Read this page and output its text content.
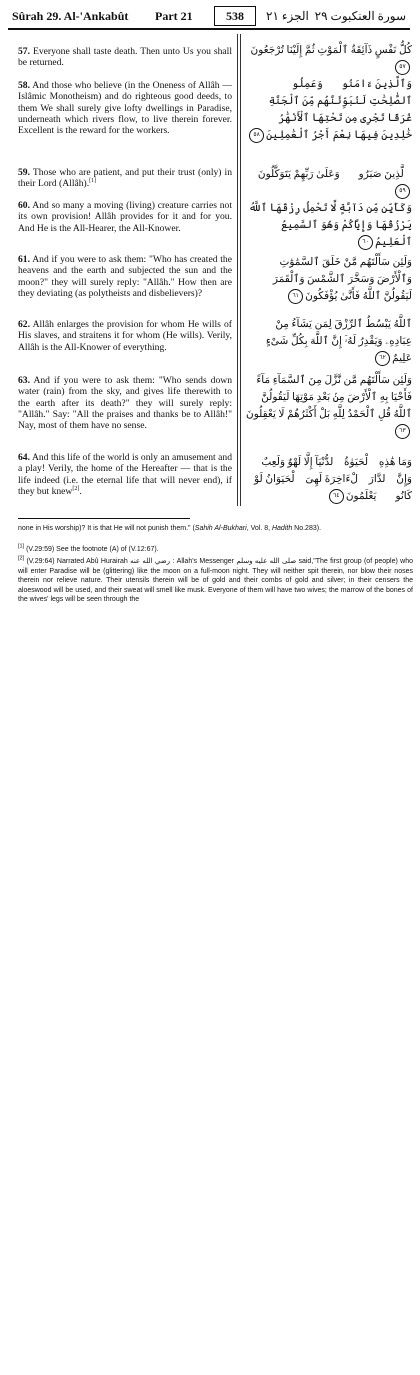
Sûrah 29. Al-'Ankabût Part 21	538	الجزء ٢١ سورة العنكبوت ٢٩
57. Everyone shall taste death. Then unto Us you shall be returned.
58. And those who believe (in the Oneness of Allâh — Islâmic Monotheism) and do righteous good deeds, to them We shall surely give lofty dwellings in Paradise, underneath which rivers flow, to live therein forever. Excellent is the reward for the workers.
59. Those who are patient, and put their trust (only) in their Lord (Allâh).[1]
60. And so many a moving (living) creature carries not its own provision! Allâh provides for it and for you. And He is the All-Hearer, the All-Knower.
61. And if you were to ask them: "Who has created the heavens and the earth and subjected the sun and the moon?" they will surely reply: "Allâh." How then are they deviating (as polytheists and disbelievers)?
62. Allâh enlarges the provision for whom He wills of His slaves, and straitens it for whom (He wills). Verily, Allâh is the All-Knower of everything.
63. And if you were to ask them: "Who sends down water (rain) from the sky, and gives life therewith to the earth after its death?" they will surely reply: "Allâh." Say: "All the praises and thanks be to Allâh!" Nay, most of them have no sense.
64. And this life of the world is only an amusement and a play! Verily, the home of the Hereafter — that is the life indeed (i.e. the eternal life that will never end), if they but knew[2].
كُلُّ نَفْسٍ ذَآئِقَةُ ٱلْمَوْتِ ثُمَّ إِلَيْنَا تُرْجَعُونَ٥٧
وَٱلَّذِينَ ءَامَنُوا۟ وَعَمِلُوا۟ ٱلصَّٰلِحَٰتِ لَنُبَوِّئَنَّهُم مِّنَ ٱلْجَنَّةِ غُرَفًا تَجْرِى مِن تَحْتِهَا ٱلْأَنْهَٰرُ خَٰلِدِينَ فِيهَا نِعْمَ أَجْرُ ٱلْعَٰمِلِينَ٥٨
ٱلَّذِينَ صَبَرُوا۟ وَعَلَىٰ رَبِّهِمْ يَتَوَكَّلُونَ٥٩
وَكَأَيِّن مِّن دَآبَّةٍ لَّا تَحْمِلُ رِزْقَهَا ٱللَّهُ يَرْزُقُهَا وَإِيَّاكُمْ وَهُوَ ٱلسَّمِيعُ ٱلْعَلِيمُ٦٠
وَلَئِن سَأَلْتَهُم مَّنْ خَلَقَ ٱلسَّمَٰوَٰتِ وَٱلْأَرْضَ وَسَخَّرَ ٱلشَّمْسَ وَٱلْقَمَرَ لَيَقُولُنَّ ٱللَّهُ فَأَنَّىٰ يُؤْفَكُونَ٦١
ٱللَّهُ يَبْسُطُ ٱلرِّزْقَ لِمَن يَشَآءُ مِنْ عِبَادِهِۦ وَيَقْدِرُ لَهُۥٓ إِنَّ ٱللَّهَ بِكُلِّ شَىْءٍ عَلِيمٌ٦٢
وَلَئِن سَأَلْتَهُم مَّن نَّزَّلَ مِنَ ٱلسَّمَآءِ مَآءً فَأَحْيَا بِهِ ٱلْأَرْضَ مِنۢ بَعْدِ مَوْتِهَا لَيَقُولُنَّ ٱللَّهُ قُلِ ٱلْحَمْدُ لِلَّهِ بَلْ أَكْثَرُهُمْ لَا يَعْقِلُونَ٦٣
وَمَا هَٰذِهِ ٱلْحَيَوٰةُ ٱلدُّنْيَآ إِلَّا لَهْوٌ وَلَعِبٌ وَإِنَّ ٱلدَّارَ ٱلْءَاخِرَةَ لَهِىَ ٱلْحَيَوَانُ لَوْ كَانُوا۟ يَعْلَمُونَ٦٤
none in His worship)? It is that He will not punish them." (Sahih Al-Bukhari, Vol. 8, Hadith No.283).
[1] (V.29:59) See the footnote (A) of (V.12:67).
[2] (V.29:64) Narrated Abû Hurairah رضي الله عنه : Allah's Messenger صلى الله عليه وسلم said,"The first group (of people) who will enter Paradise will be (glittering) like the moon on a full-moon night. They will neither spit therein, nor blow their noses therein nor relieve nature. Their utensils therein will be of gold and their combs of gold and silver; in their censers the aloeswood will be used, and their sweat will smell like musk. Everyone of them will have two wives; the marrow of the bones of the wives' legs will be seen through the
